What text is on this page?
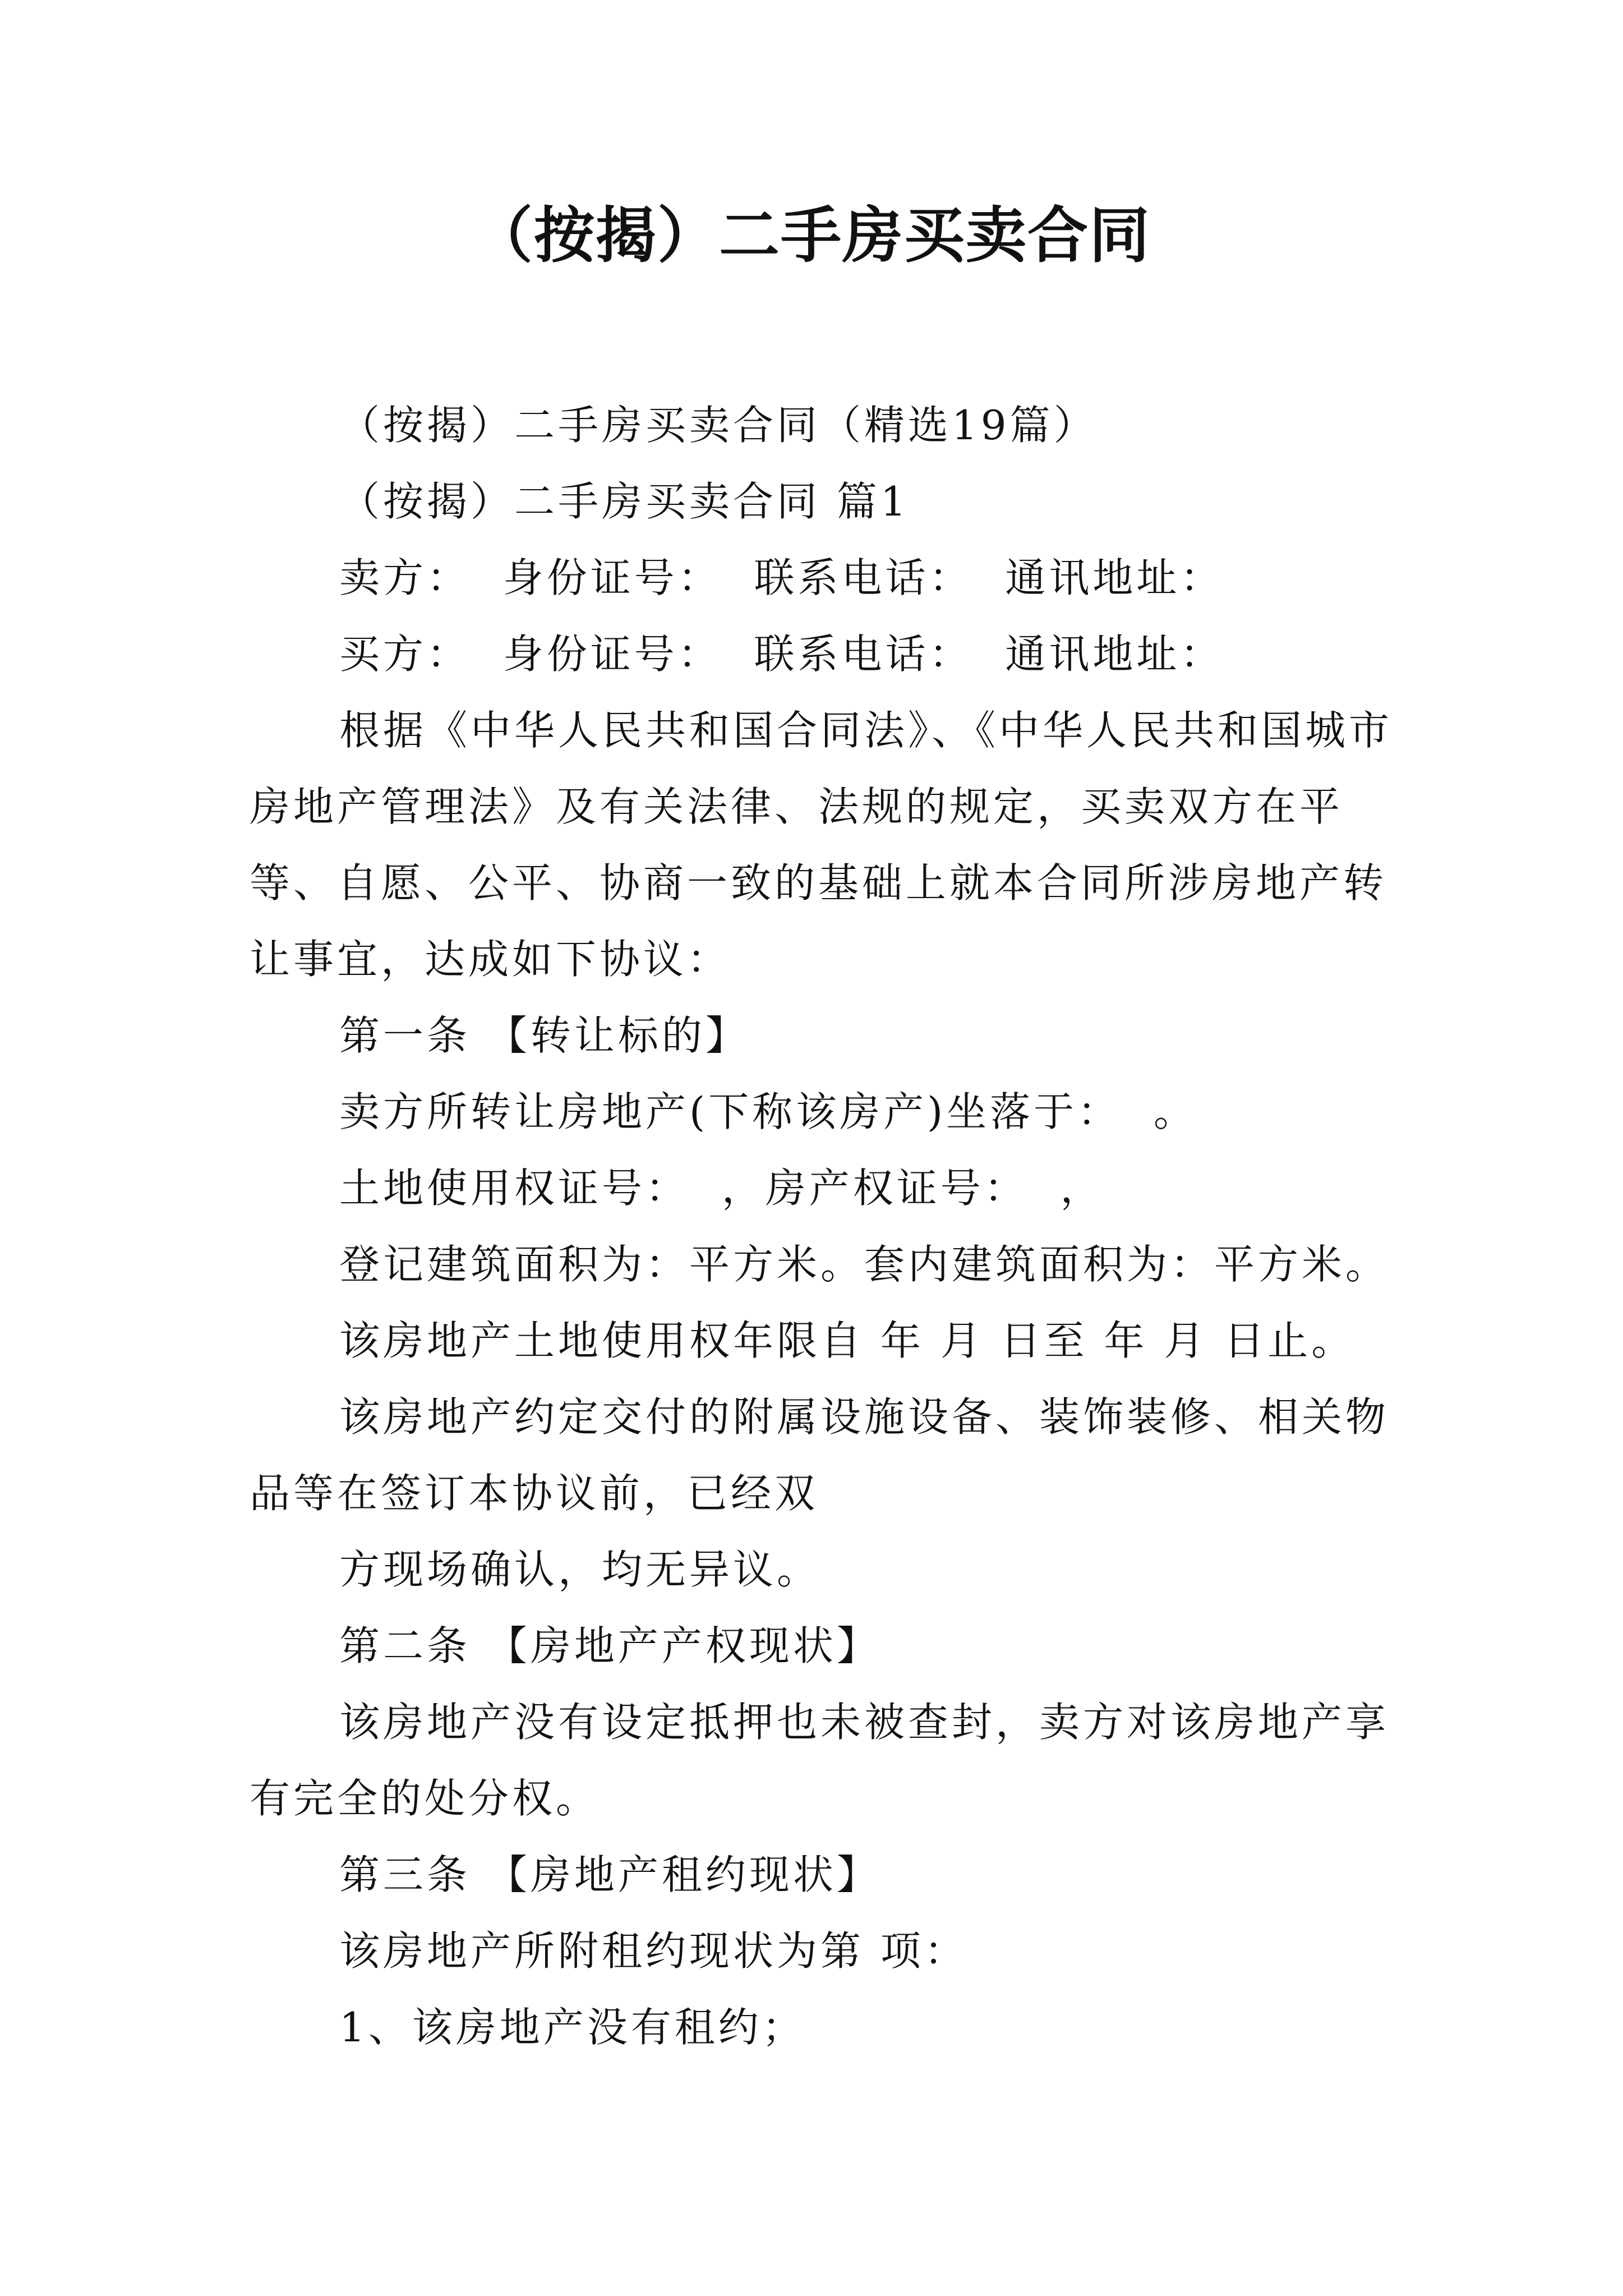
（按揭）二手房买卖合同

（按揭）二手房买卖合同（精选19篇）

（按揭）二手房买卖合同 篇1

卖方：  身份证号：  联系电话：  通讯地址：

买方：  身份证号：  联系电话：  通讯地址：

根据《中华人民共和国合同法》、《中华人民共和国城市房地产管理法》及有关法律、法规的规定，买卖双方在平等、自愿、公平、协商一致的基础上就本合同所涉房地产转让事宜，达成如下协议：

第一条 【转让标的】

卖方所转让房地产(下称该房产)坐落于：  。

土地使用权证号：  ，房产权证号：  ，

登记建筑面积为：平方米。套内建筑面积为：平方米。

该房地产土地使用权年限自 年 月 日至 年 月 日止。

该房地产约定交付的附属设施设备、装饰装修、相关物品等在签订本协议前，已经双

方现场确认，均无异议。

第二条 【房地产产权现状】

该房地产没有设定抵押也未被查封，卖方对该房地产享有完全的处分权。

第三条 【房地产租约现状】

该房地产所附租约现状为第 项：

1、该房地产没有租约；
